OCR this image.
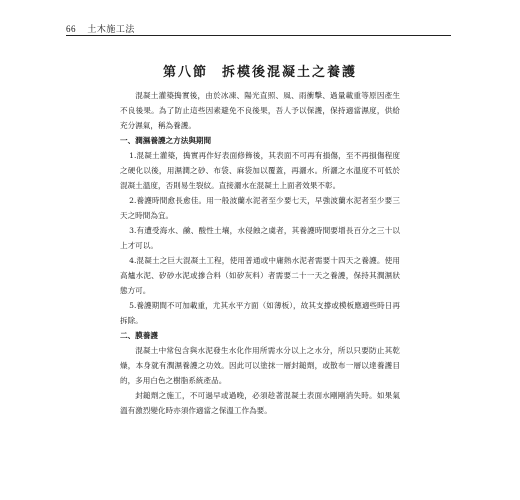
66 土木施工法
第八節 拆模後混凝土之養護

混凝土灌築搗實後，由於冰凍、陽光直照、風、雨衝擊、過量載重等原因產生不良後果。為了防止這些因素避免不良後果，吾人予以保護，保持適當濕度，供給充分濕氣，稱為養護。

一、潤濕養護之方法與期間

1.混凝土灌築，搗實再作好表面修飾後，其表面不可再有損傷，至不再損傷程度之硬化以後，用濕潤之砂、布袋、麻袋加以覆蓋，再灑水。所灑之水溫度不可低於混凝土溫度，否則易生裂紋。直接灑水在混凝土上面者效果不彰。

2.養護時間愈長愈佳。用一般波蘭水泥者至少要七天，早強波蘭水泥者至少要三天之時間為宜。

3.有遭受海水、鹼、酸性土壤，水侵蝕之虞者，其養護時間要增長百分之三十以上才可以。

4.混凝土之巨大混凝土工程，使用普通或中庸熱水泥者需要十四天之養護。使用高爐水泥、矽砂水泥或摻合料（如矽灰料）者需要二十一天之養護，保持其潤濕狀態方可。

5.養護期間不可加載重，尤其水平方面（如薄板），故其支撐或模板應適些時日再拆除。

二、膜養護

混凝土中常包含與水泥發生水化作用所需水分以上之水分，所以只要防止其乾燥，本身就有潤濕養護之功效。因此可以塗抹一層封鎚劑，或散布一層以達養護目的，多用白色之樹脂系統產品。

封鎚劑之施工，不可過早或過晚，必須趁著混凝土表面水剛剛消失時。如果氣溫有激烈變化時亦須作適當之保溫工作為要。
